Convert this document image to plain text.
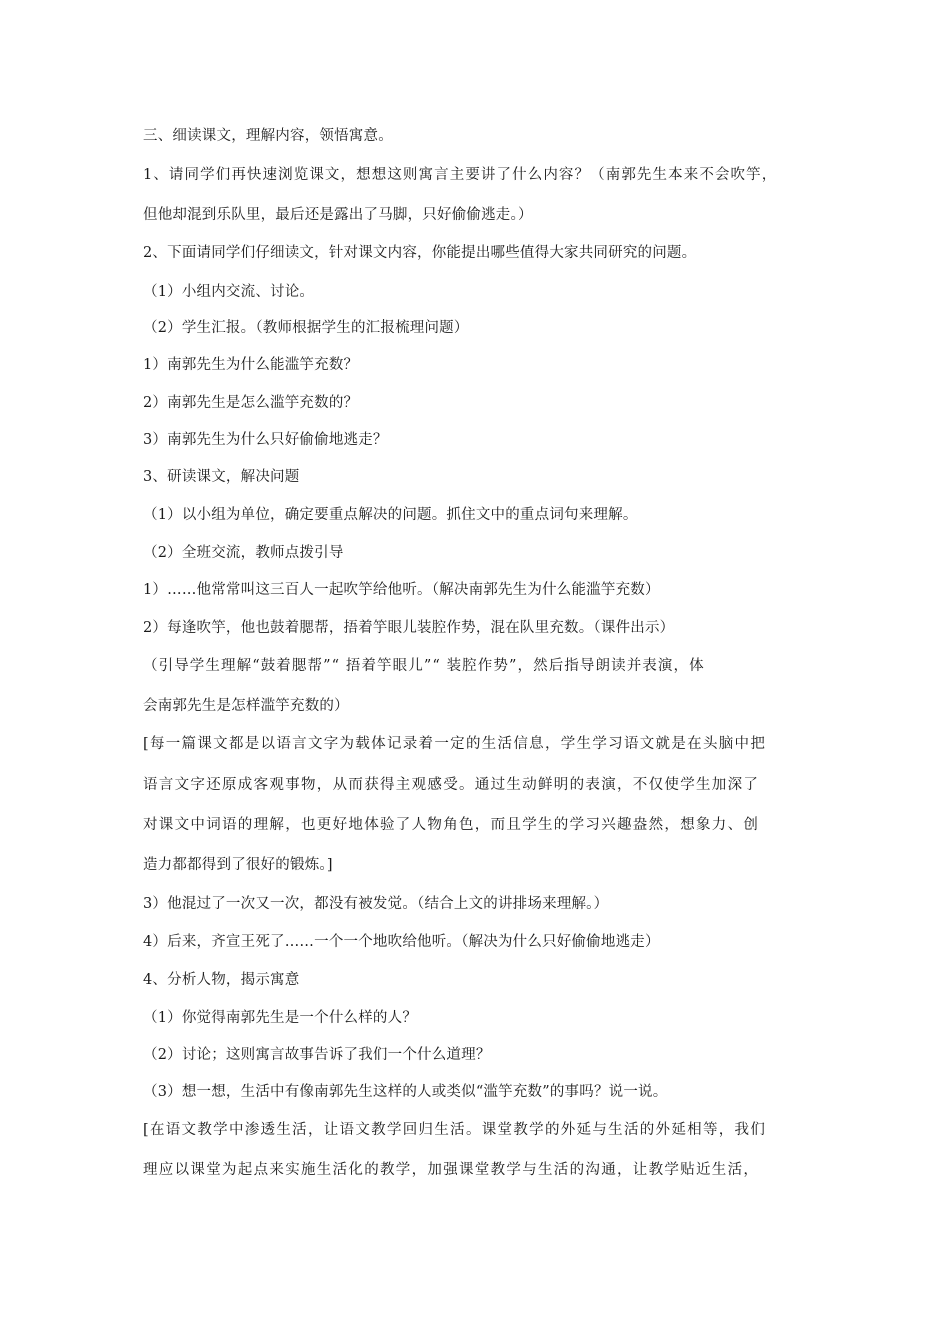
三、细读课文，理解内容，领悟寓意。
1、请同学们再快速浏览课文，想想这则寓言主要讲了什么内容？（南郭先生本来不会吹竽，
但他却混到乐队里，最后还是露出了马脚，只好偷偷逃走。）
2、下面请同学们仔细读文，针对课文内容，你能提出哪些值得大家共同研究的问题。
（1）小组内交流、讨论。
（2）学生汇报。（教师根据学生的汇报梳理问题）
1）南郭先生为什么能滥竽充数？
2）南郭先生是怎么滥竽充数的？
3）南郭先生为什么只好偷偷地逃走？
3、研读课文，解决问题
（1）以小组为单位，确定要重点解决的问题。抓住文中的重点词句来理解。
（2）全班交流，教师点拨引导
1）……他常常叫这三百人一起吹竽给他听。（解决南郭先生为什么能滥竽充数）
2）每逢吹竽，他也鼓着腮帮，捂着竽眼儿装腔作势，混在队里充数。（课件出示）
（引导学生理解“鼓着腮帮”“ 捂着竽眼儿”“ 装腔作势”，然后指导朗读并表演，体
会南郭先生是怎样滥竽充数的）
[每一篇课文都是以语言文字为载体记录着一定的生活信息，学生学习语文就是在头脑中把
语言文字还原成客观事物，从而获得主观感受。通过生动鲜明的表演，不仅使学生加深了
对课文中词语的理解，也更好地体验了人物角色，而且学生的学习兴趣盎然，想象力、创
造力都都得到了很好的锻炼。]
3）他混过了一次又一次，都没有被发觉。（结合上文的讲排场来理解。）
4）后来，齐宣王死了……一个一个地吹给他听。（解决为什么只好偷偷地逃走）
4、分析人物，揭示寓意
（1）你觉得南郭先生是一个什么样的人？
（2）讨论；这则寓言故事告诉了我们一个什么道理？
（3）想一想，生活中有像南郭先生这样的人或类似“滥竽充数”的事吗？说一说。
[在语文教学中渗透生活，让语文教学回归生活。课堂教学的外延与生活的外延相等，我们
理应以课堂为起点来实施生活化的教学，加强课堂教学与生活的沟通，让教学贴近生活，
